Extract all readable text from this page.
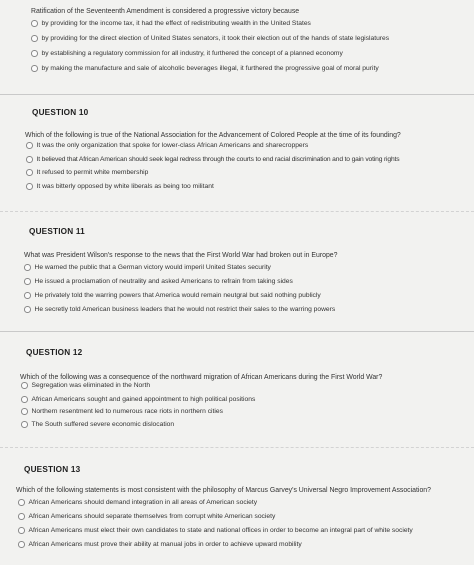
Ratification of the Seventeenth Amendment is considered a progressive victory because
by providing for the income tax, it had the effect of redistributing wealth in the United States
by providing for the direct election of United States senators, it took their election out of the hands of state legislatures
by establishing a regulatory commission for all industry, it furthered the concept of a planned economy
by making the manufacture and sale of alcoholic beverages illegal, it furthered the progressive goal of moral purity
QUESTION 10
Which of the following is true of the National Association for the Advancement of Colored People at the time of its founding?
It was the only organization that spoke for lower-class African Americans and sharecroppers
It believed that African American should seek legal redress through the courts to end racial discrimination and to gain voting rights
It refused to permit white membership
It was bitterly opposed by white liberals as being too militant
QUESTION 11
What was President Wilson's response to the news that the First World War had broken out in Europe?
He warned the public that a German victory would imperil United States security
He issued a proclamation of neutrality and asked Americans to refrain from taking sides
He privately told the warring powers that America would remain neutgral but said nothing publicly
He secretly told American business leaders that he would not restrict their sales to the warring powers
QUESTION 12
Which of the following was a consequence of the northward migration of African Americans during the First World War?
Segregation was eliminated in the North
African Americans sought and gained appointment to high political positions
Northern resentment led to numerous race riots in northern cities
The South suffered severe economic dislocation
QUESTION 13
Which of the following statements is most consistent with the philosophy of Marcus Garvey's Universal Negro Improvement Association?
African Americans should demand integration in all areas of American society
African Americans should separate themselves from corrupt white American society
African Americans must elect their own candidates to state and national offices in order to become an integral part of white society
African Americans must prove their ability at manual jobs in order to achieve upward mobility
